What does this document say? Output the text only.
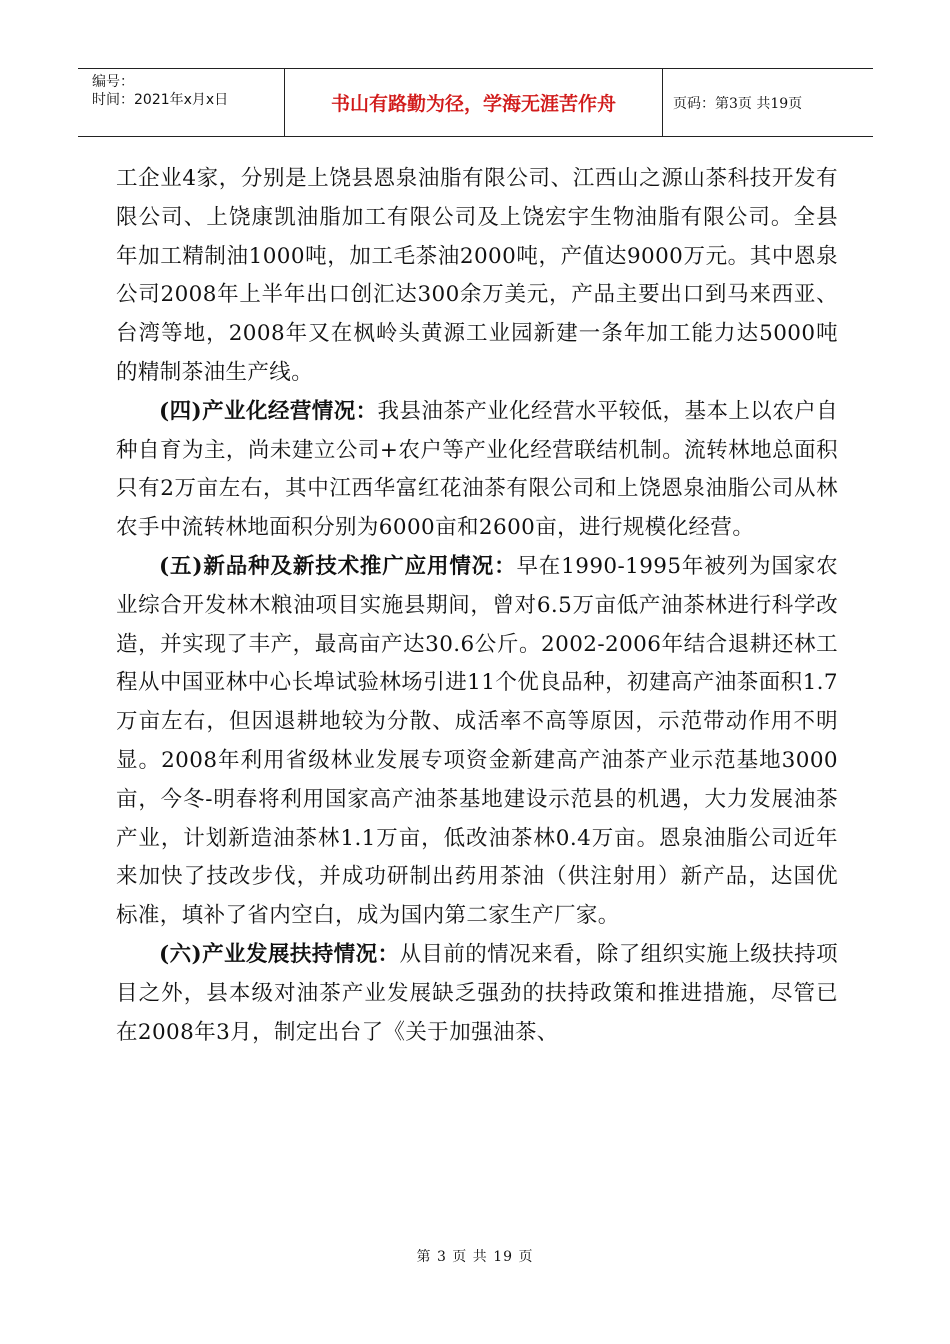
编号：
时间：2021年x月x日	书山有路勤为径，学海无涯苦作舟	页码：第3页 共19页

工企业4家，分别是上饶县恩泉油脂有限公司、江西山之源山茶科技开发有限公司、上饶康凯油脂加工有限公司及上饶宏宇生物油脂有限公司。全县年加工精制油1000吨，加工毛茶油2000吨，产值达9000万元。其中恩泉公司2008年上半年出口创汇达300余万美元，产品主要出口到马来西亚、台湾等地，2008年又在枫岭头黄源工业园新建一条年加工能力达5000吨的精制茶油生产线。

(四)产业化经营情况：我县油茶产业化经营水平较低，基本上以农户自种自育为主，尚未建立公司+农户等产业化经营联结机制。流转林地总面积只有2万亩左右，其中江西华富红花油茶有限公司和上饶恩泉油脂公司从林农手中流转林地面积分别为6000亩和2600亩，进行规模化经营。

(五)新品种及新技术推广应用情况：早在1990-1995年被列为国家农业综合开发林木粮油项目实施县期间，曾对6.5万亩低产油茶林进行科学改造，并实现了丰产，最高亩产达30.6公斤。2002-2006年结合退耕还林工程从中国亚林中心长埠试验林场引进11个优良品种，初建高产油茶面积1.7万亩左右，但因退耕地较为分散、成活率不高等原因，示范带动作用不明显。2008年利用省级林业发展专项资金新建高产油茶产业示范基地3000亩，今冬-明春将利用国家高产油茶基地建设示范县的机遇，大力发展油茶产业，计划新造油茶林1.1万亩，低改油茶林0.4万亩。恩泉油脂公司近年来加快了技改步伐，并成功研制出药用茶油（供注射用）新产品，达国优标准，填补了省内空白，成为国内第二家生产厂家。

(六)产业发展扶持情况：从目前的情况来看，除了组织实施上级扶持项目之外，县本级对油茶产业发展缺乏强劲的扶持政策和推进措施，尽管已在2008年3月，制定出台了《关于加强油茶、

第 3 页 共 19 页
